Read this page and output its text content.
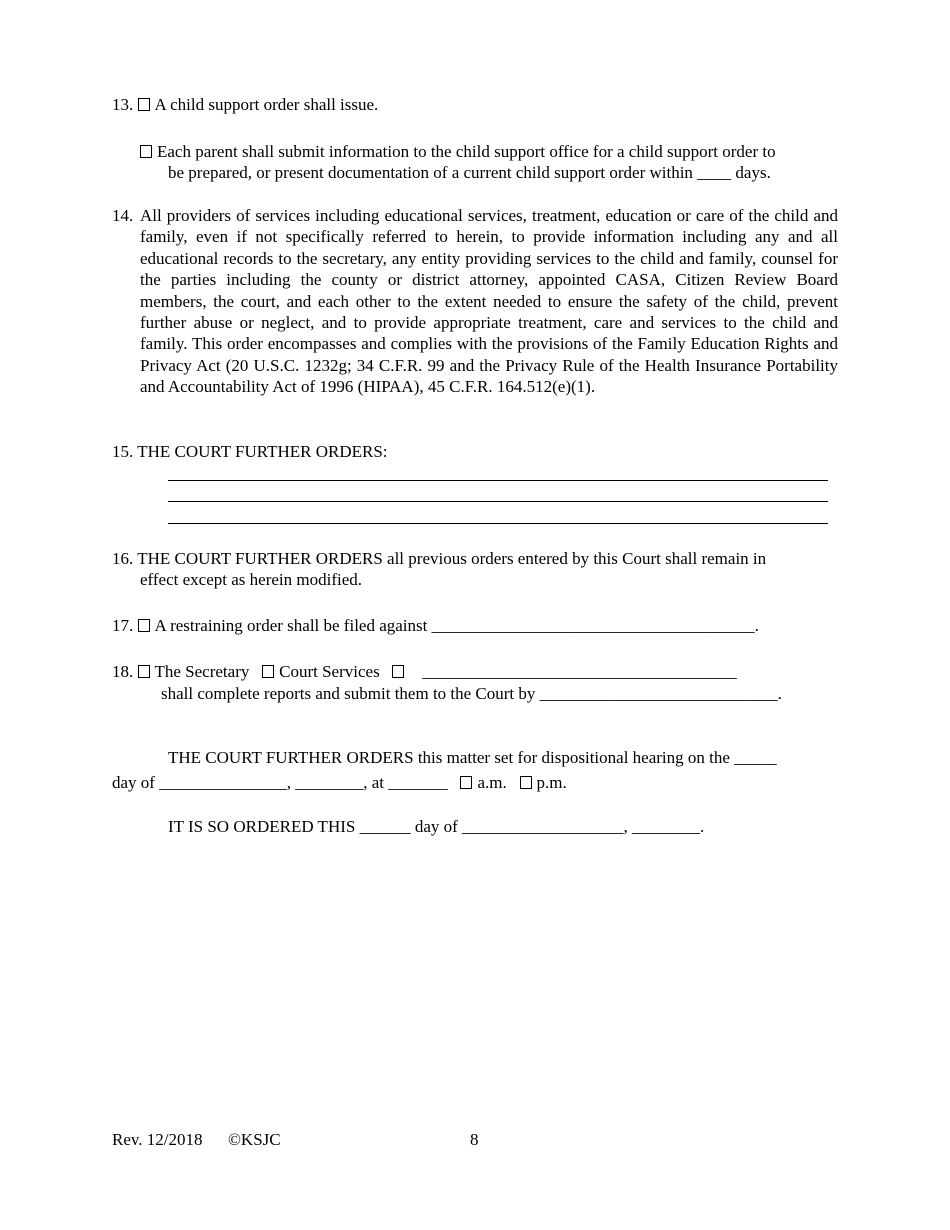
13. A child support order shall issue.
Each parent shall submit information to the child support office for a child support order to
be prepared, or present documentation of a current child support order within ____ days.
14. All providers of services including educational services, treatment, education or care of the child and family, even if not specifically referred to herein, to provide information including any and all educational records to the secretary, any entity providing services to the child and family, counsel for the parties including the county or district attorney, appointed CASA, Citizen Review Board members, the court, and each other to the extent needed to ensure the safety of the child, prevent further abuse or neglect, and to provide appropriate treatment, care and services to the child and family. This order encompasses and complies with the provisions of the Family Education Rights and Privacy Act (20 U.S.C. 1232g; 34 C.F.R. 99 and the Privacy Rule of the Health Insurance Portability and Accountability Act of 1996 (HIPAA), 45 C.F.R. 164.512(e)(1).
15. THE COURT FURTHER ORDERS:
16. THE COURT FURTHER ORDERS all previous orders entered by this Court shall remain in
effect except as herein modified.
17. A restraining order shall be filed against ______________________________________.
18. The Secretary Court Services	_____________________________________
shall complete reports and submit them to the Court by ____________________________.
THE COURT FURTHER ORDERS this matter set for dispositional hearing on the _____
day of _______________, ________, at _______ a.m. p.m.
IT IS SO ORDERED THIS ______ day of ___________________, ________.
Rev. 12/2018 ©KSJC	8
